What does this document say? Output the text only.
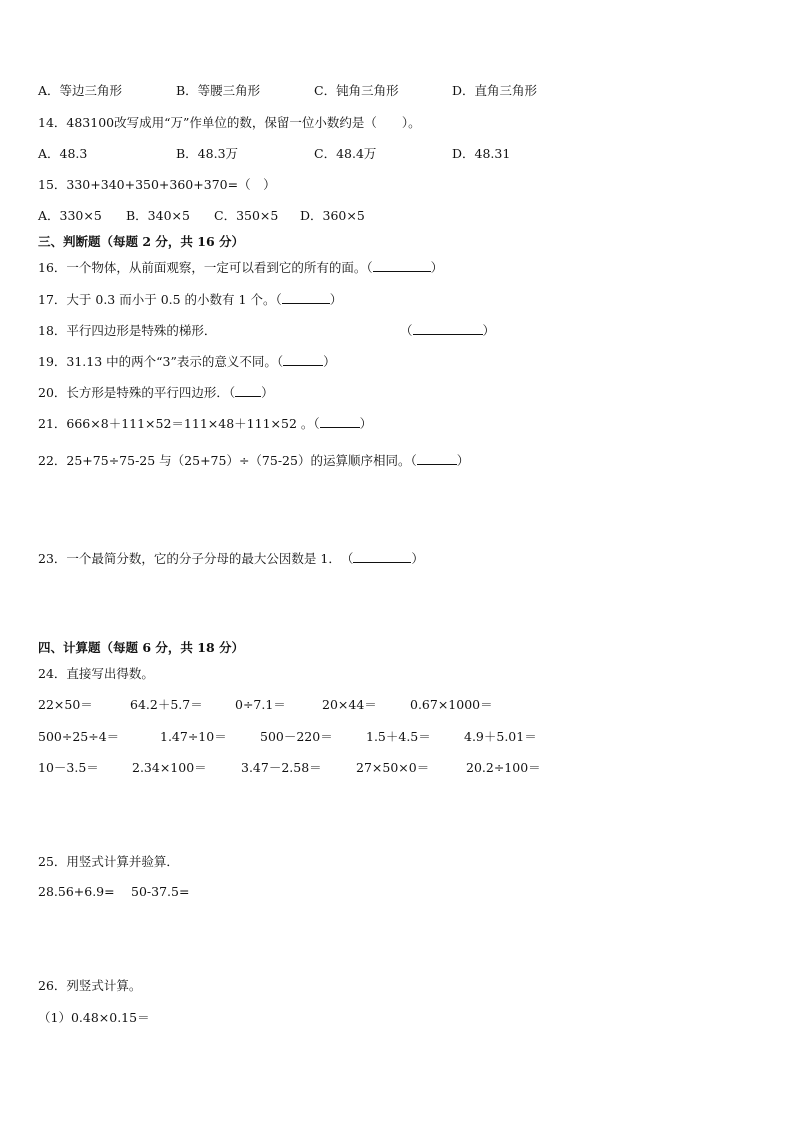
A．等边三角形	B．等腰三角形	C．钝角三角形	D．直角三角形
14．483100改写成用“万”作单位的数，保留一位小数约是（　　）。
A．48.3	B．48.3万	C．48.4万	D．48.31
15．330+340+350+360+370=（　）
A．330×5 B．340×5 C．350×5 D．360×5
三、判断题（每题 2 分，共 16 分）
16．一个物体，从前面观察，一定可以看到它的所有的面。（	）
17．大于 0.3 而小于 0.5 的小数有 1 个。（	）
18．平行四边形是特殊的梯形．	（	）
19．31.13 中的两个“3”表示的意义不同。（	）
20．长方形是特殊的平行四边形．（ ）
21．666×8＋111×52＝111×48＋111×52 。（	）
22．25+75÷75-25 与（25+75）÷（75-25）的运算顺序相同。（	）
23．一个最简分数，它的分子分母的最大公因数是 1．　（	）
四、计算题（每题 6 分，共 18 分）
24．直接写出得数。
22×50＝	64.2＋5.7＝	0÷7.1＝	20×44＝	0.67×1000＝
500÷25÷4＝	1.47÷10＝	500－220＝	1.5＋4.5＝	4.9＋5.01＝
10－3.5＝	2.34×100＝	3.47－2.58＝	27×50×0＝	20.2÷100＝
25．用竖式计算并验算．
28.56+6.9= 50-37.5=
26．列竖式计算。
（1）0.48×0.15＝
